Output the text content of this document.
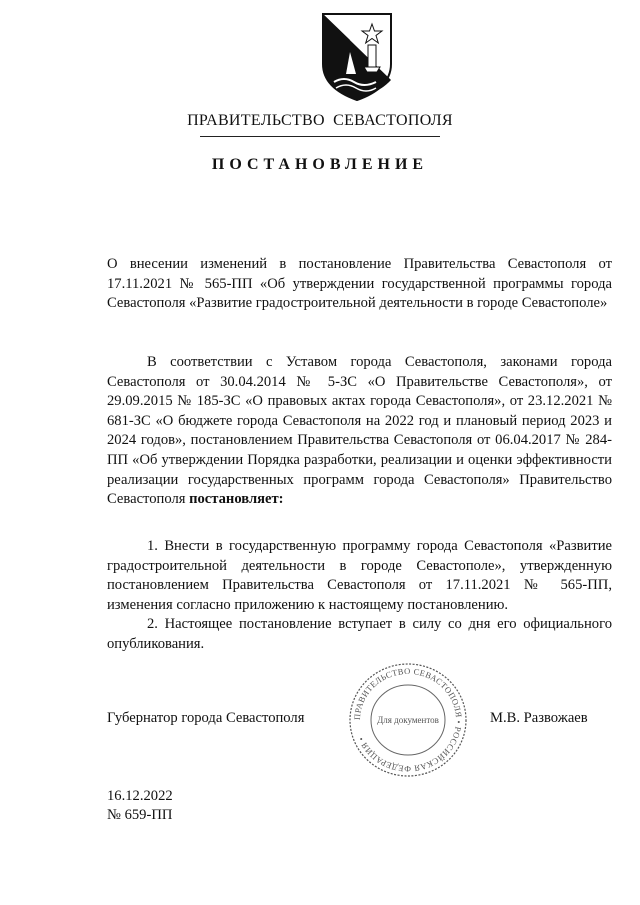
ПРАВИТЕЛЬСТВО СЕВАСТОПОЛЯ
ПОСТАНОВЛЕНИЕ

О внесении изменений в постановление Правительства Севастополя от 17.11.2021 № 565-ПП «Об утверждении государственной программы города Севастополя «Развитие градостроительной деятельности в городе Севастополе»

В соответствии с Уставом города Севастополя, законами города Севастополя от 30.04.2014 № 5-ЗС «О Правительстве Севастополя», от 29.09.2015 № 185-ЗС «О правовых актах города Севастополя», от 23.12.2021 № 681-ЗС «О бюджете города Севастополя на 2022 год и плановый период 2023 и 2024 годов», постановлением Правительства Севастополя от 06.04.2017 № 284-ПП «Об утверждении Порядка разработки, реализации и оценки эффективности реализации государственных программ города Севастополя» Правительство Севастополя постановляет:

1. Внести в государственную программу города Севастополя «Развитие градостроительной деятельности в городе Севастополе», утвержденную постановлением Правительства Севастополя от 17.11.2021 № 565-ПП, изменения согласно приложению к настоящему постановлению.

2. Настоящее постановление вступает в силу со дня его официального опубликования.

ПРАВИТЕЛЬСТВО СЕВАСТОПОЛЯ • РОССИЙСКАЯ ФЕДЕРАЦИЯ •
Для документов
Губернатор города Севастополя	М.В. Развожаев
16.12.2022
№ 659-ПП
